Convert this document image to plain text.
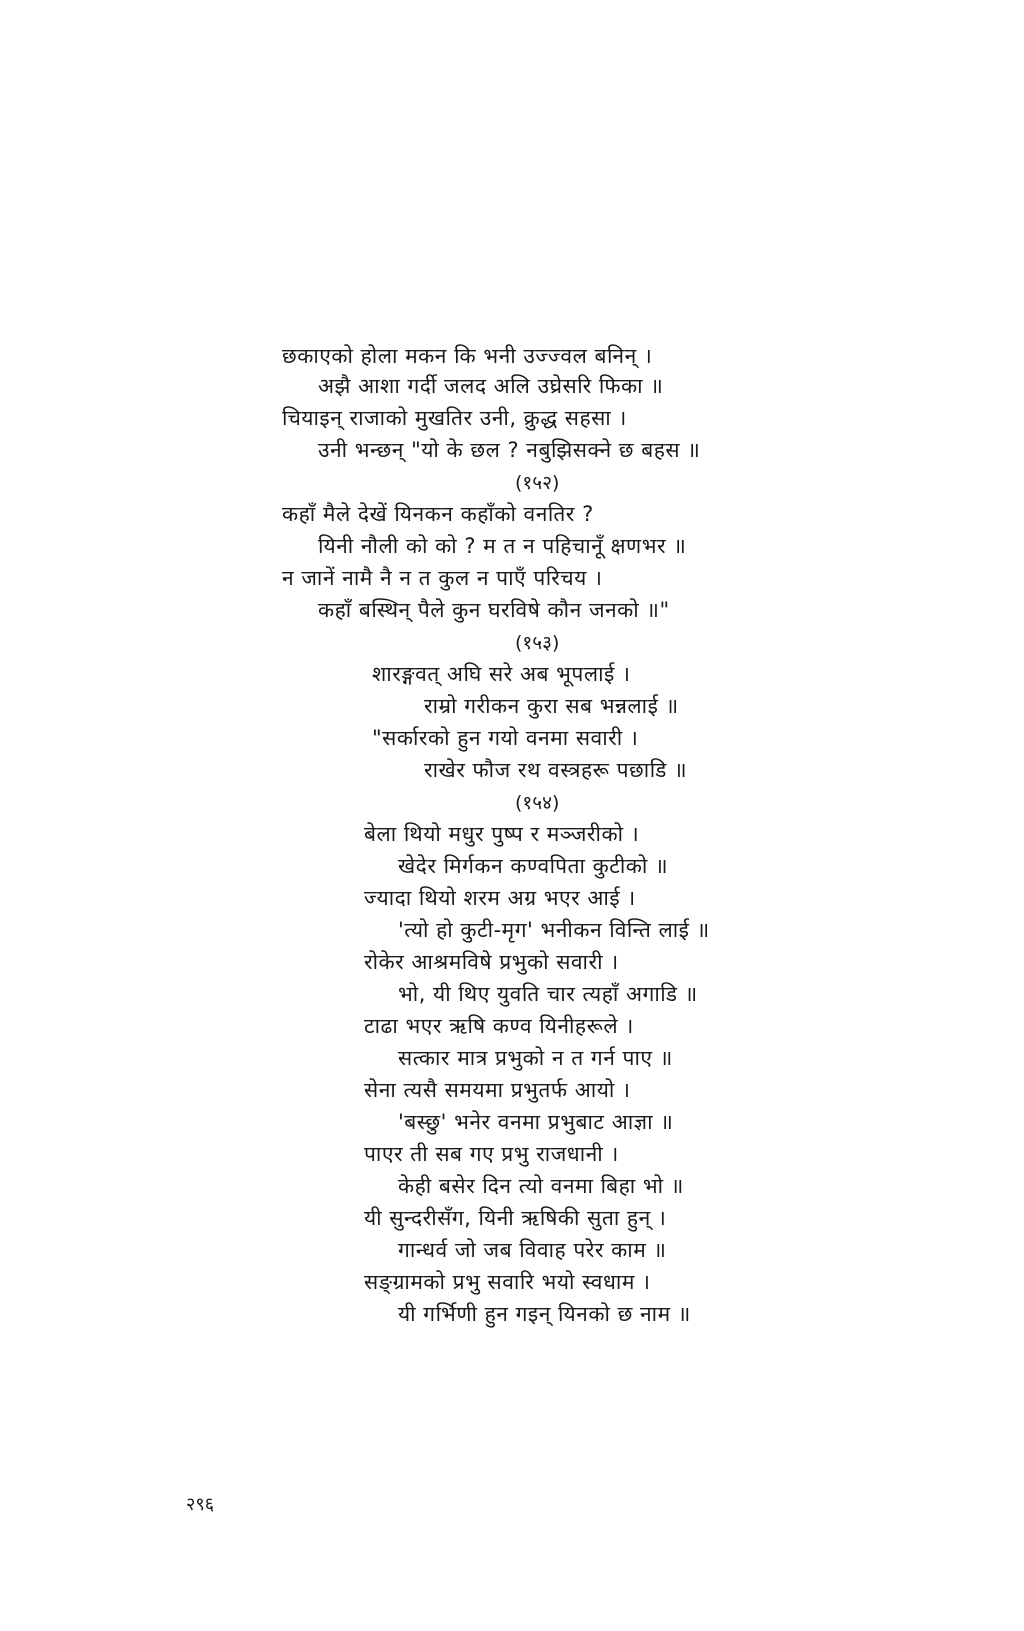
छकाएको होला मकन कि भनी उज्ज्वल बनिन् ।
अझै आशा गर्दी जलद अलि उघ्रेसरि फिका ॥
चियाइन् राजाको मुखतिर उनी, क्रुद्ध सहसा ।
उनी भन्छन् "यो के छल ? नबुझिसक्ने छ बहस ॥
(१५२)
कहाँ मैले देखें यिनकन कहाँको वनतिर ?
यिनी नौली को को ? म त न पहिचानूँ क्षणभर ॥
न जानें नामै नै न त कुल न पाएँ परिचय ।
कहाँ बस्थिन् पैले कुन घरविषे कौन जनको ॥"
(१५३)
शारङ्गवत् अघि सरे अब भूपलाई ।
राम्रो गरीकन कुरा सब भन्नलाई ॥
"सर्कारको हुन गयो वनमा सवारी ।
राखेर फौज रथ वस्त्रहरू पछाडि ॥
(१५४)
बेला थियो मधुर पुष्प र मञ्जरीको ।
खेदेर मिर्गकन कण्वपिता कुटीको ॥
ज्यादा थियो शरम अग्र भएर आई ।
'त्यो हो कुटी-मृग' भनीकन विन्ति लाई ॥
रोकेर आश्रमविषे प्रभुको सवारी ।
भो, यी थिए युवति चार त्यहाँ अगाडि ॥
टाढा भएर ऋषि कण्व यिनीहरूले ।
सत्कार मात्र प्रभुको न त गर्न पाए ॥
सेना त्यसै समयमा प्रभुतर्फ आयो ।
'बस्छु' भनेर वनमा प्रभुबाट आज्ञा ॥
पाएर ती सब गए प्रभु राजधानी ।
केही बसेर दिन त्यो वनमा बिहा भो ॥
यी सुन्दरीसँग, यिनी ऋषिकी सुता हुन् ।
गान्धर्व जो जब विवाह परेर काम ॥
सङ्ग्रामको प्रभु सवारि भयो स्वधाम ।
यी गर्भिणी हुन गइन् यिनको छ नाम ॥
२९६
